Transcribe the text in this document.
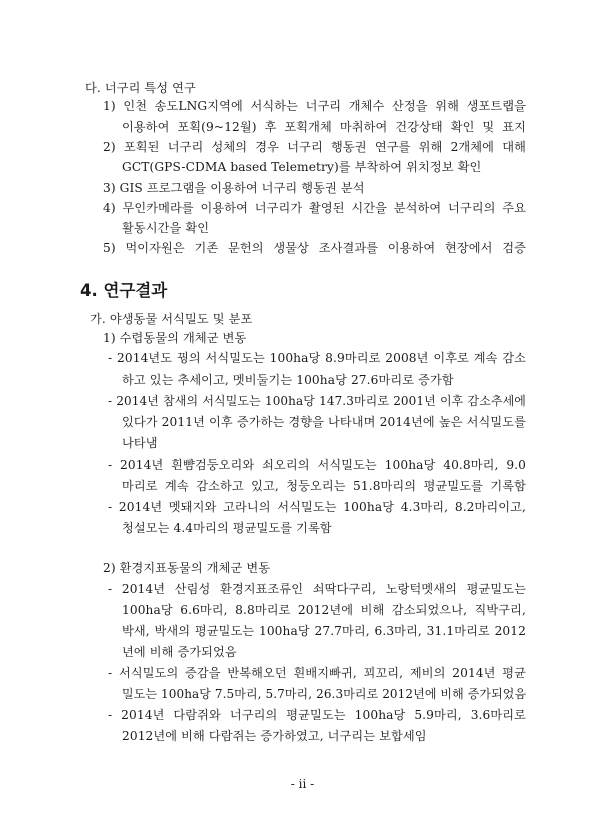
다. 너구리 특성 연구
1) 인천 송도LNG지역에 서식하는 너구리 개체수 산정을 위해 생포트랩을
이용하여 포획(9~12월) 후 포획개체 마취하여 건강상태 확인 및 표지
2) 포획된 너구리 성체의 경우 너구리 행동권 연구를 위해 2개체에 대해
GCT(GPS-CDMA based Telemetry)를 부착하여 위치정보 확인
3) GIS 프로그램을 이용하여 너구리 행동권 분석
4) 무인카메라를 이용하여 너구리가 촬영된 시간을 분석하여 너구리의 주요
활동시간을 확인
5) 먹이자원은 기존 문헌의 생물상 조사결과를 이용하여 현장에서 검증
4. 연구결과
가. 야생동물 서식밀도 및 분포
1) 수렵동물의 개체군 변동
- 2014년도 꿩의 서식밀도는 100ha당 8.9마리로 2008년 이후로 계속 감소
하고 있는 추세이고, 멧비둘기는 100ha당 27.6마리로 증가함
- 2014년 참새의 서식밀도는 100ha당 147.3마리로 2001년 이후 감소추세에
있다가 2011년 이후 증가하는 경향을 나타내며 2014년에 높은 서식밀도를
나타냄
- 2014년 흰뺨검둥오리와 쇠오리의 서식밀도는 100ha당 40.8마리, 9.0
마리로 계속 감소하고 있고, 청둥오리는 51.8마리의 평균밀도를 기록함
- 2014년 멧돼지와 고라니의 서식밀도는 100ha당 4.3마리, 8.2마리이고,
청설모는 4.4마리의 평균밀도를 기록함
2) 환경지표동물의 개체군 변동
- 2014년 산림성 환경지표조류인 쇠딱다구리, 노랑턱멧새의 평균밀도는
100ha당 6.6마리, 8.8마리로 2012년에 비해 감소되었으나, 직박구리,
박새, 박새의 평균밀도는 100ha당 27.7마리, 6.3마리, 31.1마리로 2012
년에 비해 증가되었음
- 서식밀도의 증감을 반복해오던 흰배지빠귀, 꾀꼬리, 제비의 2014년 평균
밀도는 100ha당 7.5마리, 5.7마리, 26.3마리로 2012년에 비해 증가되었음
- 2014년 다람쥐와 너구리의 평균밀도는 100ha당 5.9마리, 3.6마리로
2012년에 비해 다람쥐는 증가하였고, 너구리는 보합세임
- ii -
